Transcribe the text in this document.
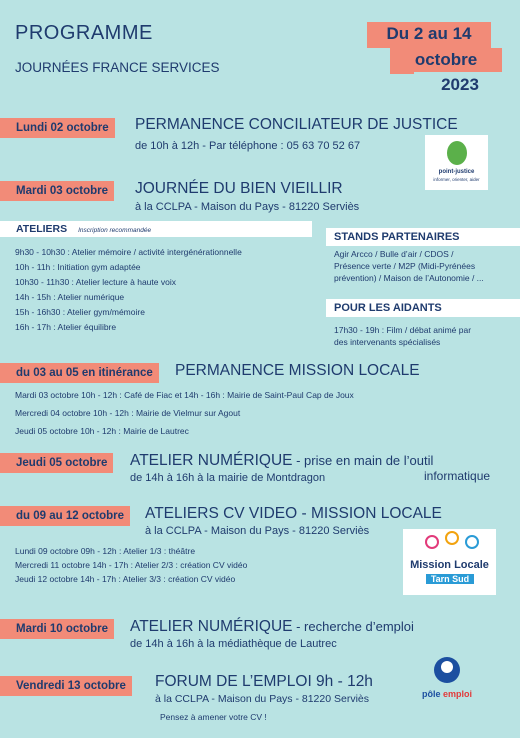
PROGRAMME
JOURNÉES FRANCE SERVICES
Du 2 au 14
octobre
2023
Lundi 02 octobre	PERMANENCE CONCILIATEUR DE JUSTICE
de 10h à 12h - Par téléphone : 05 63 70 52 67
point-justice
informer, orienter, aider
Mardi 03 octobre	JOURNÉE DU BIEN VIEILLIR
à la CCLPA - Maison du Pays - 81220 Serviès
ATELIERS Inscription recommandée
9h30 - 10h30 : Atelier mémoire / activité intergénérationnelle
10h - 11h : Initiation gym adaptée
10h30 - 11h30 : Atelier lecture à haute voix
14h - 15h : Atelier numérique
15h - 16h30 : Atelier gym/mémoire
16h - 17h : Atelier équilibre
STANDS PARTENAIRES
Agir Arcco / Bulle d’air / CDOS /
Présence verte / M2P (Midi-Pyrénées
prévention) / Maison de l’Autonomie / ...
POUR LES AIDANTS
17h30 - 19h : Film / débat animé par
des intervenants spécialisés
du 03 au 05 en itinérance	PERMANENCE MISSION LOCALE
Mardi 03 octobre 10h - 12h : Café de Fiac et 14h - 16h : Mairie de Saint-Paul Cap de Joux
Mercredi 04 octobre 10h - 12h : Mairie de Vielmur sur Agout
Jeudi 05 octobre 10h - 12h : Mairie de Lautrec
Jeudi 05 octobre	ATELIER NUMÉRIQUE - prise en main de l’outil
de 14h à 16h à la mairie de Montdragon	informatique
du 09 au 12 octobre	ATELIERS CV VIDEO - MISSION LOCALE
à la CCLPA - Maison du Pays - 81220 Serviès
Lundi 09 octobre 09h - 12h : Atelier 1/3 : théâtre
Mercredi 11 octobre 14h - 17h : Atelier 2/3 : création CV vidéo
Jeudi 12 octobre 14h - 17h : Atelier 3/3 : création CV vidéo
Mission Locale
Tarn Sud
Mardi 10 octobre	ATELIER NUMÉRIQUE - recherche d’emploi
de 14h à 16h à la médiathèque de Lautrec
Vendredi 13 octobre	FORUM DE L’EMPLOI 9h - 12h
à la CCLPA - Maison du Pays - 81220 Serviès
Pensez à amener votre CV !
pôle emploi
